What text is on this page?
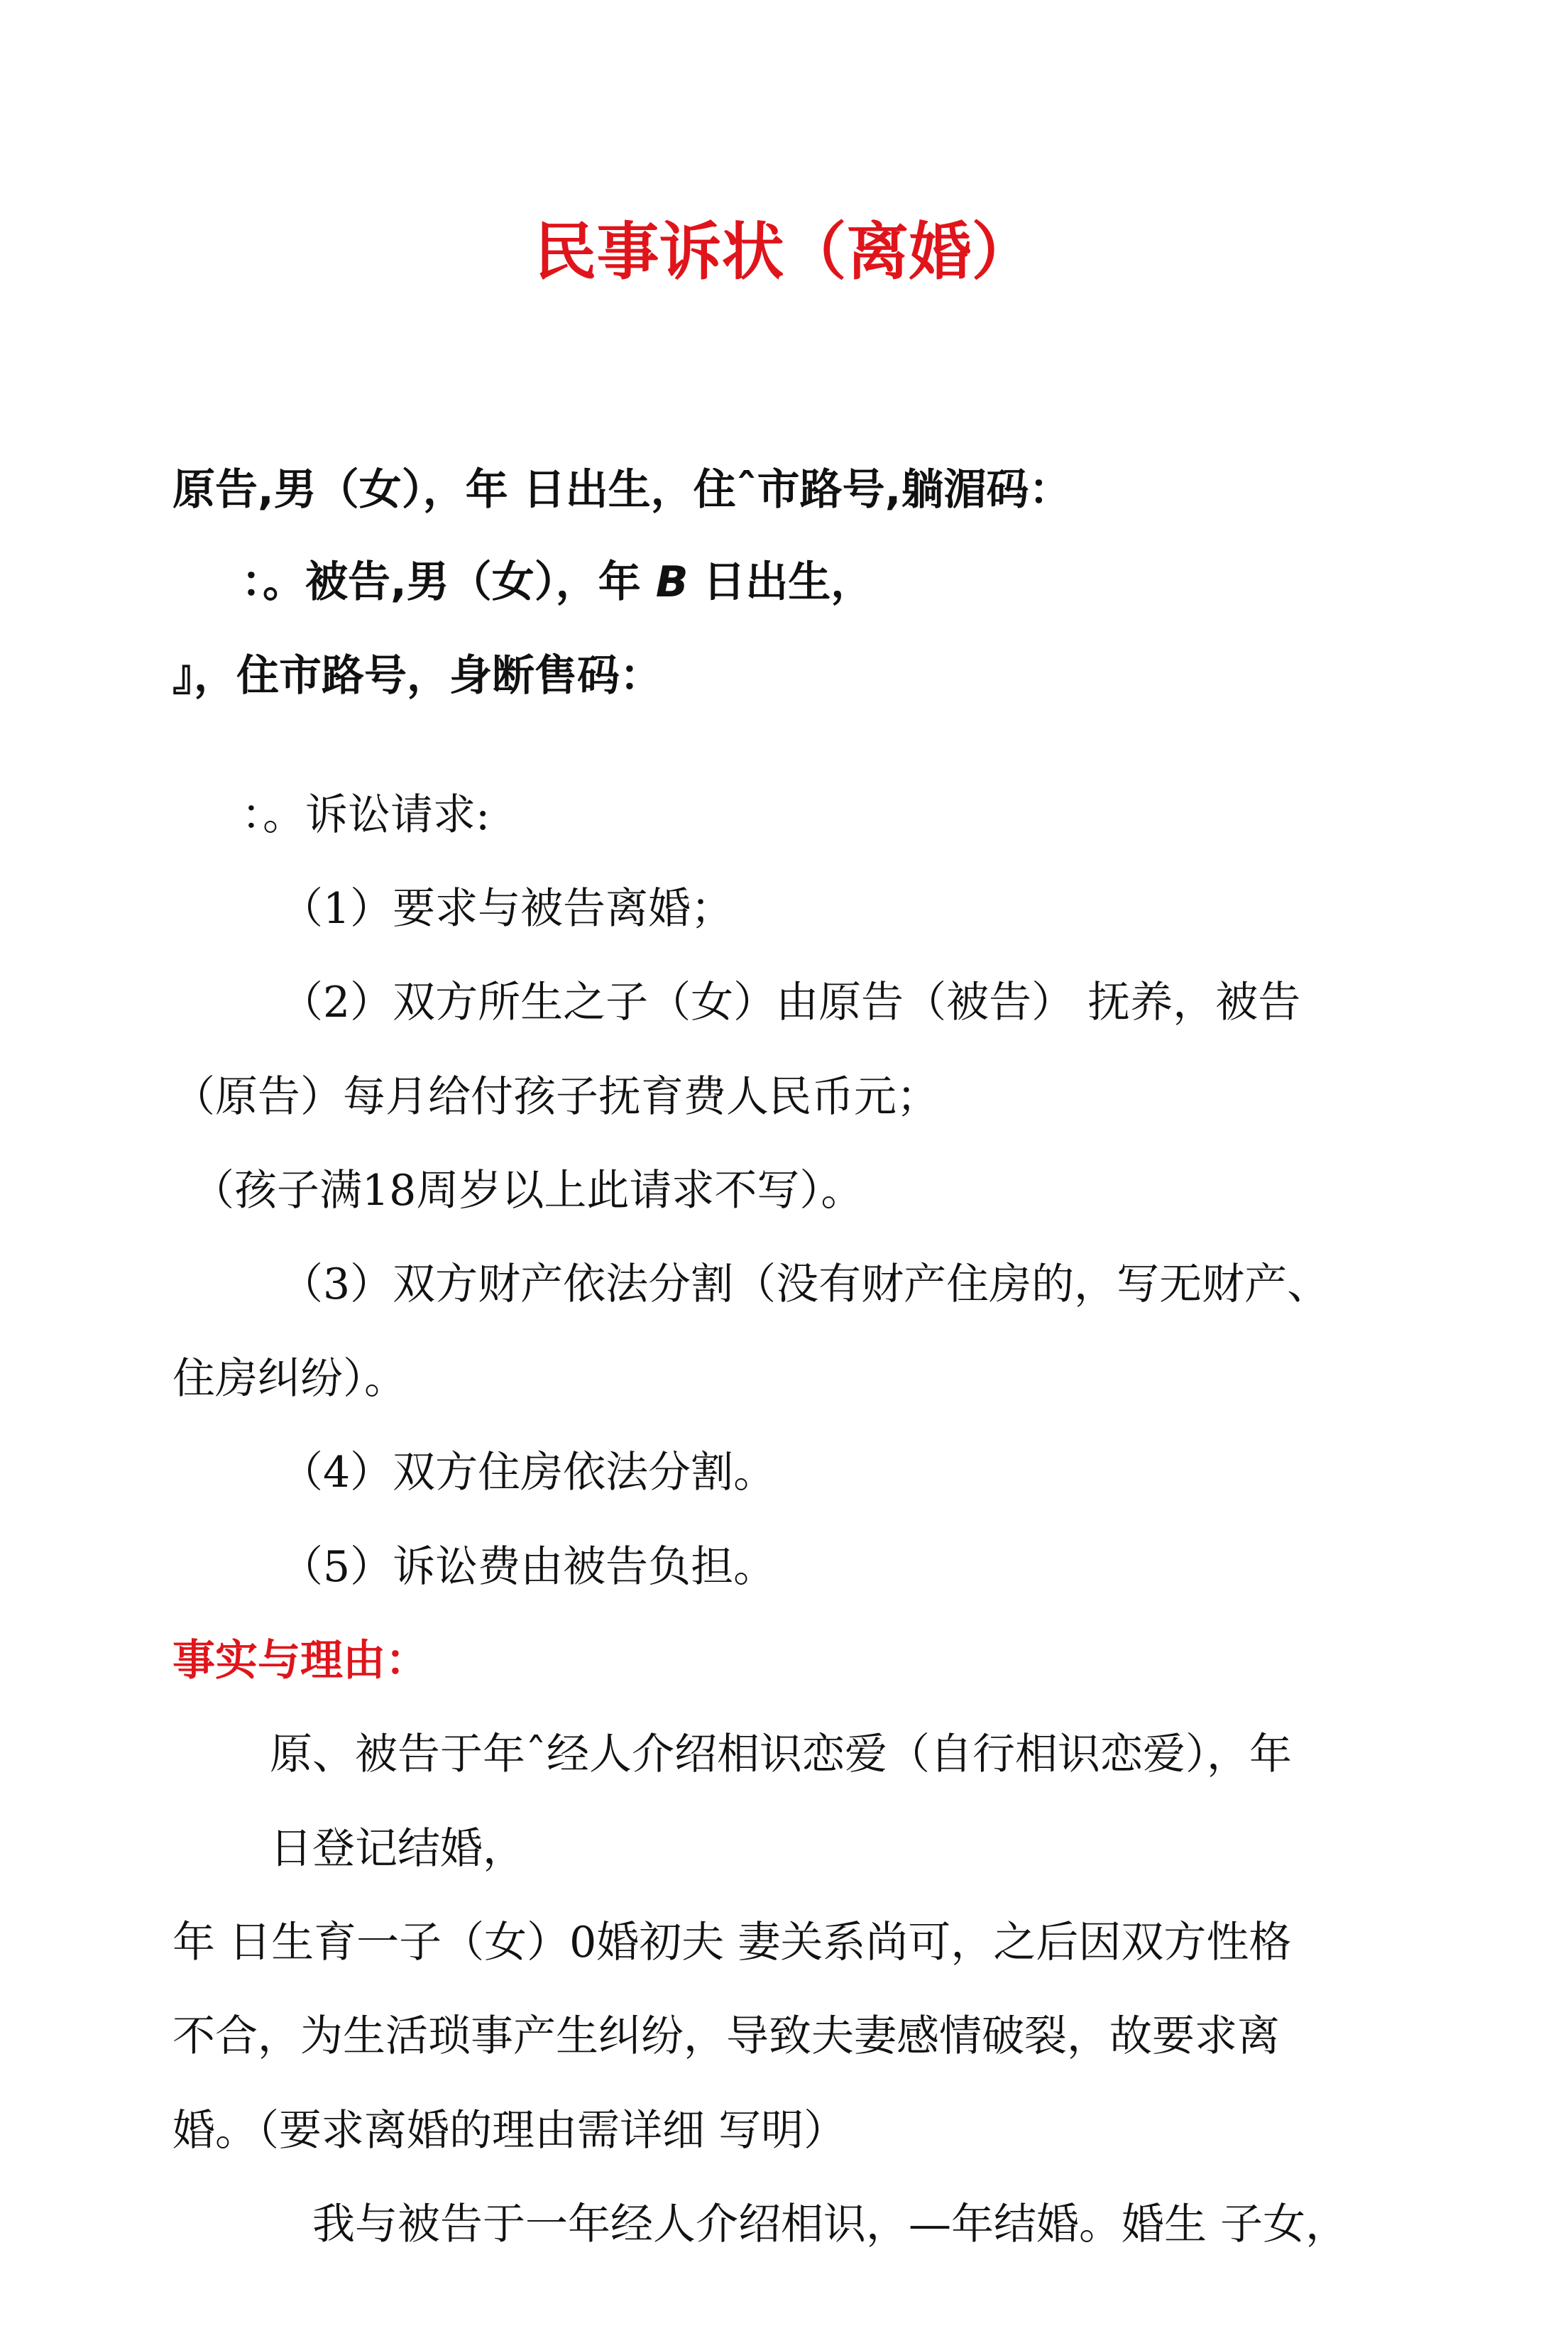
民事诉状（离婚）
原告,男（女），年 日出生，住ˆ市路号,躺湄码：
：。被告,男（女），年 B 日出生，
』，住市路号，身断售码：
：。诉讼请求:
（1）要求与被告离婚；
（2）双方所生之子（女）由原告（被告） 抚养，被告
（原告）每月给付孩子抚育费人民币元；
（孩子满18周岁以上此请求不写）。
（3）双方财产依法分割（没有财产住房的，写无财产、
住房纠纷）。
（4）双方住房依法分割。
（5）诉讼费由被告负担。
事实与理由：
原、被告于年ˆ经人介绍相识恋爱（自行相识恋爱），年
日登记结婚，
年 日生育一子（女）0婚初夫 妻关系尚可，之后因双方性格
不合，为生活琐事产生纠纷，导致夫妻感情破裂，故要求离
婚。（要求离婚的理由需详细 写明）
我与被告于一年经人介绍相识，—年结婚。婚生 子女，
